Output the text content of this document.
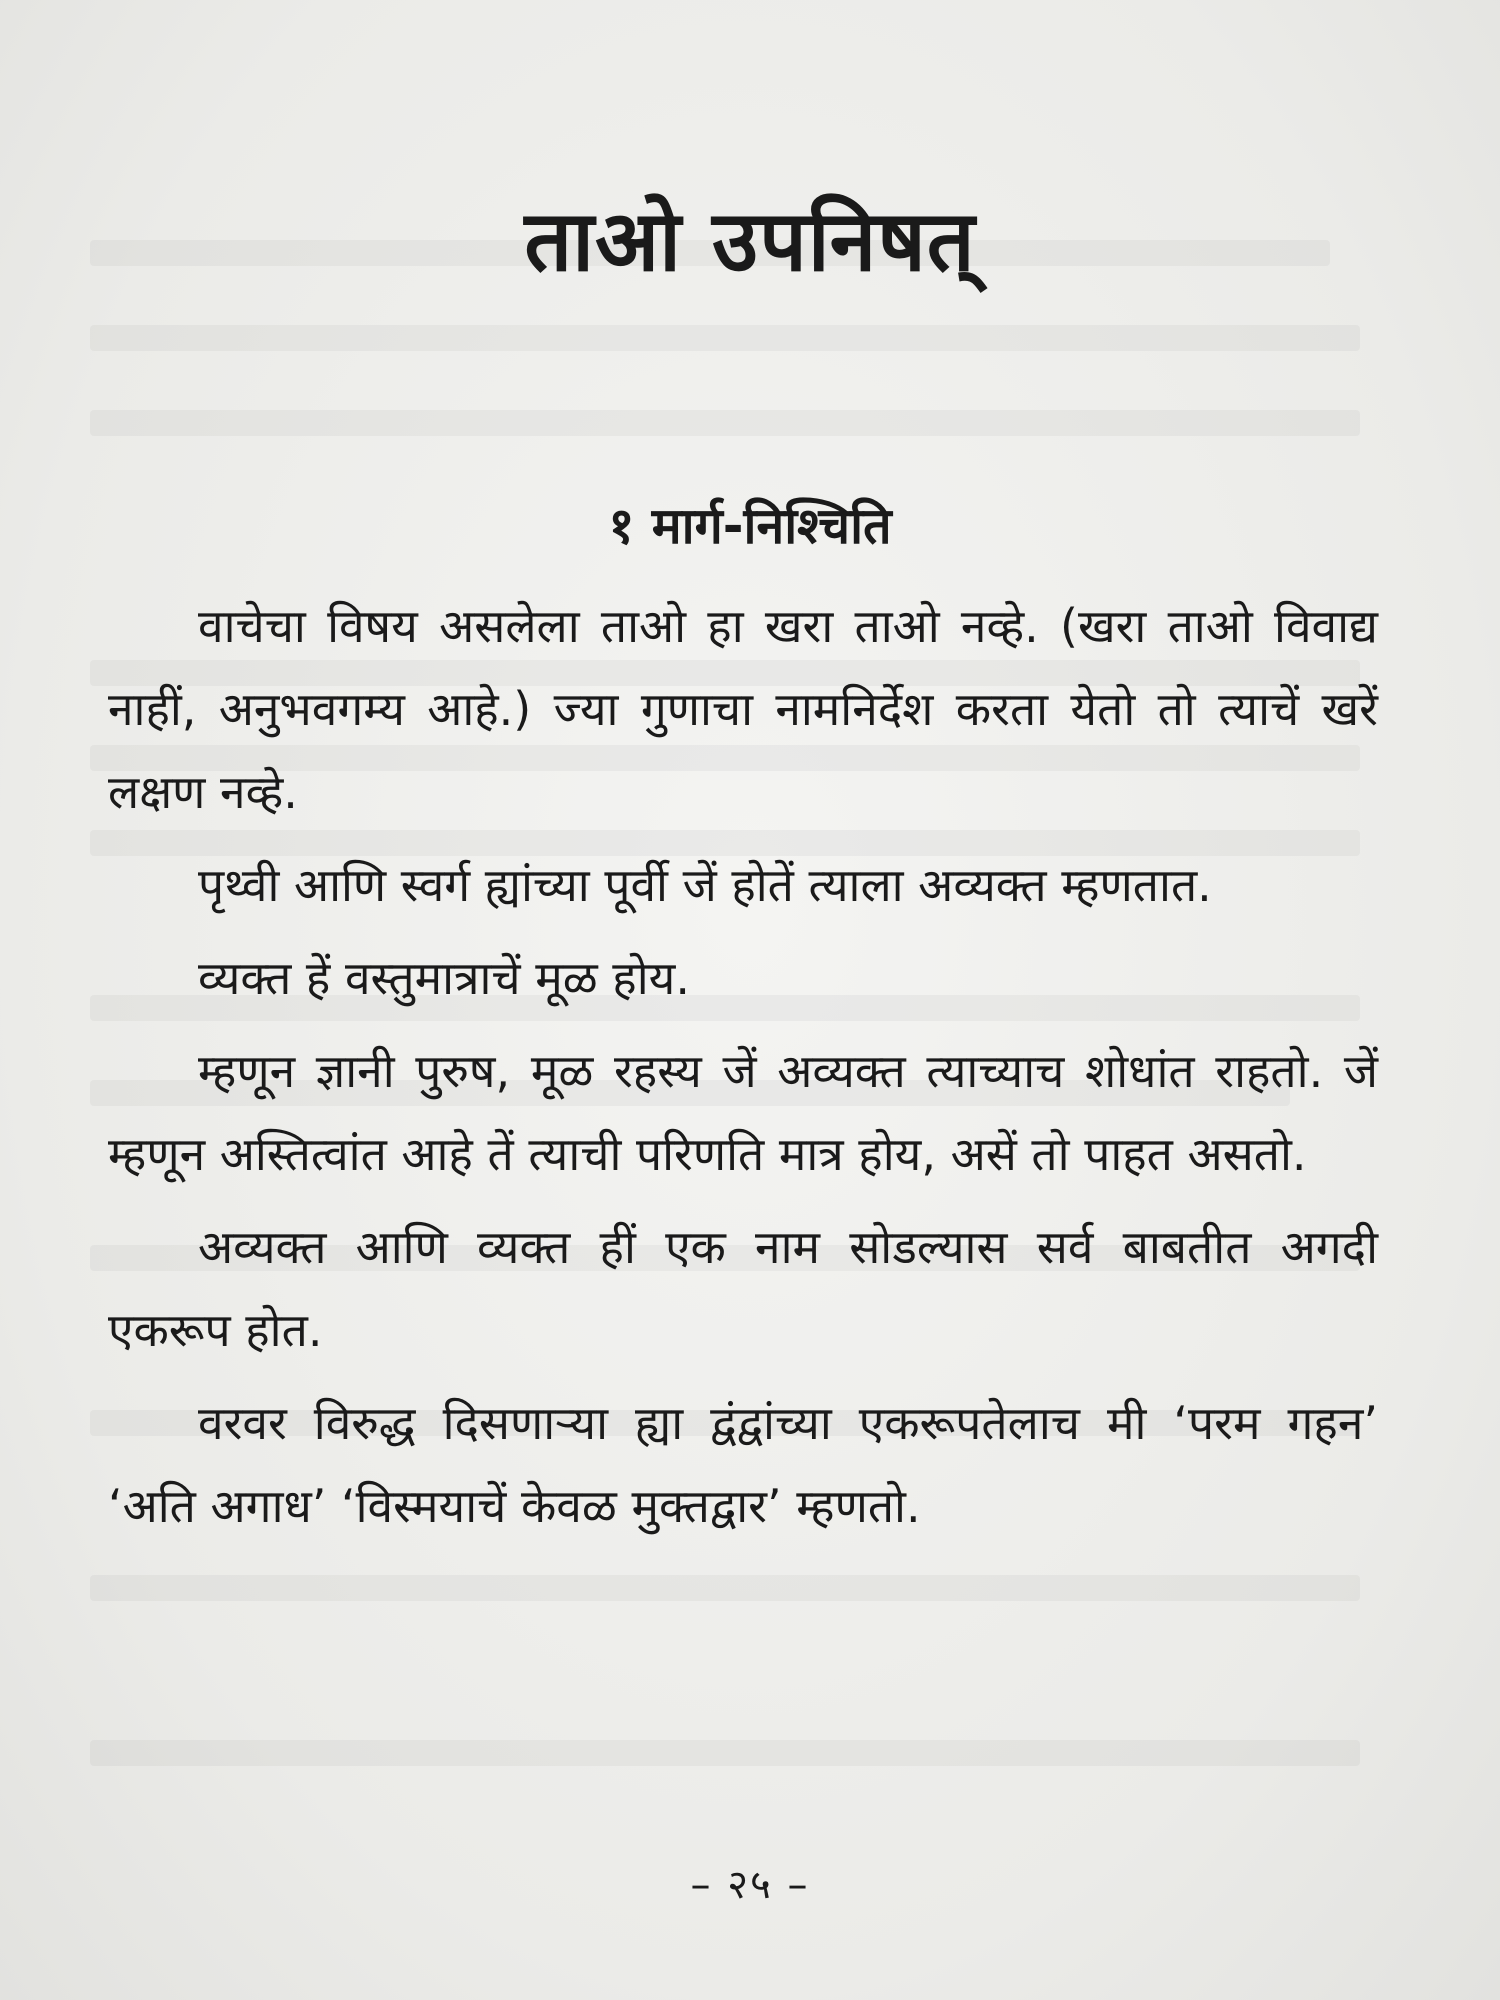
ताओ उपनिषत्
१ मार्ग-निश्चिति

वाचेचा विषय असलेला ताओ हा खरा ताओ नव्हे. (खरा ताओ विवाद्य नाहीं, अनुभवगम्य आहे.) ज्या गुणाचा नामनिर्देश करता येतो तो त्याचें खरें लक्षण नव्हे.

पृथ्वी आणि स्वर्ग ह्यांच्या पूर्वी जें होतें त्याला अव्यक्त म्हणतात.

व्यक्त हें वस्तुमात्राचें मूळ होय.

म्हणून ज्ञानी पुरुष, मूळ रहस्य जें अव्यक्त त्याच्याच शोधांत राहतो. जें म्हणून अस्तित्वांत आहे तें त्याची परिणति मात्र होय, असें तो पाहत असतो.

अव्यक्त आणि व्यक्त हीं एक नाम सोडल्यास सर्व बाबतीत अगदी एकरूप होत.

वरवर विरुद्ध दिसणाऱ्या ह्या द्वंद्वांच्या एकरूपतेलाच मी ‘परम गहन’ ‘अति अगाध’ ‘विस्मयाचें केवळ मुक्तद्वार’ म्हणतो.

– २५ –
